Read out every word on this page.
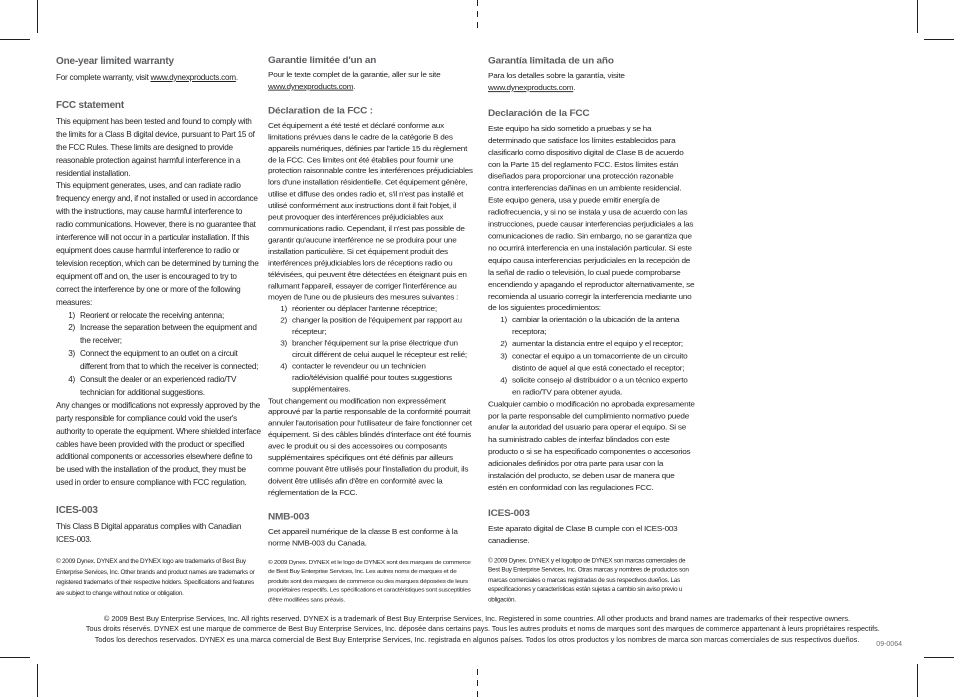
One-year limited warranty

For complete warranty, visit www.dynexproducts.com.

FCC statement

This equipment has been tested and found to comply with the limits for a Class B digital device, pursuant to Part 15 of the FCC Rules. These limits are designed to provide reasonable protection against harmful interference in a residential installation.

This equipment generates, uses, and can radiate radio frequency energy and, if not installed or used in accordance with the instructions, may cause harmful interference to radio communications. However, there is no guarantee that interference will not occur in a particular installation. If this equipment does cause harmful interference to radio or television reception, which can be determined by turning the equipment off and on, the user is encouraged to try to correct the interference by one or more of the following measures:

1) Reorient or relocate the receiving antenna;
2) Increase the separation between the equipment and the receiver;
3) Connect the equipment to an outlet on a circuit different from that to which the receiver is connected;
4) Consult the dealer or an experienced radio/TV technician for additional suggestions.

Any changes or modifications not expressly approved by the party responsible for compliance could void the user's authority to operate the equipment. Where shielded interface cables have been provided with the product or specified additional components or accessories elsewhere define to be used with the installation of the product, they must be used in order to ensure compliance with FCC regulation.

ICES-003

This Class B Digital apparatus complies with Canadian ICES-003.

© 2009 Dynex. DYNEX and the DYNEX logo are trademarks of Best Buy Enterprise Services, Inc. Other brands and product names are trademarks or registered trademarks of their respective holders. Specifications and features are subject to change without notice or obligation.

Garantie limitée d'un an

Pour le texte complet de la garantie, aller sur le site www.dynexproducts.com.

Déclaration de la FCC :

Cet équipement a été testé et déclaré conforme aux limitations prévues dans le cadre de la catégorie B des appareils numériques, définies par l'article 15 du règlement de la FCC. Ces limites ont été établies pour fournir une protection raisonnable contre les interférences préjudiciables lors d'une installation résidentielle. Cet équipement génère, utilise et diffuse des ondes radio et, s'il n'est pas installé et utilisé conformément aux instructions dont il fait l'objet, il peut provoquer des interférences préjudiciables aux communications radio. Cependant, il n'est pas possible de garantir qu'aucune interférence ne se produira pour une installation particulière. Si cet équipement produit des interférences préjudiciables lors de réceptions radio ou télévisées, qui peuvent être détectées en éteignant puis en rallumant l'appareil, essayer de corriger l'interférence au moyen de l'une ou de plusieurs des mesures suivantes :

1) réorienter ou déplacer l'antenne réceptrice;
2) changer la position de l'équipement par rapport au récepteur;
3) brancher l'équipement sur la prise électrique d'un circuit différent de celui auquel le récepteur est relié;
4) contacter le revendeur ou un technicien radio/télévision qualifié pour toutes suggestions supplémentaires.

Tout changement ou modification non expressément approuvé par la partie responsable de la conformité pourrait annuler l'autorisation pour l'utilisateur de faire fonctionner cet équipement. Si des câbles blindés d'interface ont été fournis avec le produit ou si des accessoires ou composants supplémentaires spécifiques ont été définis par ailleurs comme pouvant être utilisés pour l'installation du produit, ils doivent être utilisés afin d'être en conformité avec la réglementation de la FCC.

NMB-003

Cet appareil numérique de la classe B est conforme à la norme NMB-003 du Canada.

© 2009 Dynex. DYNEX et le logo de DYNEX sont des marques de commerce de Best Buy Enterprise Services, Inc. Les autres noms de marques et de produits sont des marques de commerce ou des marques déposées de leurs propriétaires respectifs. Les spécifications et caractéristiques sont susceptibles d'être modifiées sans préavis.

Garantía limitada de un año

Para los detalles sobre la garantía, visite www.dynexproducts.com.

Declaración de la FCC

Este equipo ha sido sometido a pruebas y se ha determinado que satisface los límites establecidos para clasificarlo como dispositivo digital de Clase B de acuerdo con la Parte 15 del reglamento FCC. Estos límites están diseñados para proporcionar una protección razonable contra interferencias dañinas en un ambiente residencial.

Este equipo genera, usa y puede emitir energía de radiofrecuencia, y si no se instala y usa de acuerdo con las instrucciones, puede causar interferencias perjudiciales a las comunicaciones de radio. Sin embargo, no se garantiza que no ocurrirá interferencia en una instalación particular. Si este equipo causa interferencias perjudiciales en la recepción de la señal de radio o televisión, lo cual puede comprobarse encendiendo y apagando el reproductor alternativamente, se recomienda al usuario corregir la interferencia mediante uno de los siguientes procedimientos:

1) cambiar la orientación o la ubicación de la antena receptora;
2) aumentar la distancia entre el equipo y el receptor;
3) conectar el equipo a un tomacorriente de un circuito distinto de aquel al que está conectado el receptor;
4) solicite consejo al distribuidor o a un técnico experto en radio/TV para obtener ayuda.

Cualquier cambio o modificación no aprobada expresamente por la parte responsable del cumplimiento normativo puede anular la autoridad del usuario para operar el equipo. Si se ha suministrado cables de interfaz blindados con este producto o si se ha especificado componentes o accesorios adicionales definidos por otra parte para usar con la instalación del producto, se deben usar de manera que estén en conformidad con las regulaciones FCC.

ICES-003

Este aparato digital de Clase B cumple con el ICES-003 canadiense.

© 2009 Dynex. DYNEX y el logotipo de DYNEX son marcas comerciales de Best Buy Enterprise Services, Inc. Otras marcas y nombres de productos son marcas comerciales o marcas registradas de sus respectivos dueños. Las especificaciones y características están sujetas a cambio sin aviso previo u obligación.

© 2009 Best Buy Enterprise Services, Inc. All rights reserved. DYNEX is a trademark of Best Buy Enterprise Services, Inc. Registered in some countries. All other products and brand names are trademarks of their respective owners.
Tous droits réservés. DYNEX est une marque de commerce de Best Buy Enterprise Services, Inc. déposée dans certains pays. Tous les autres produits et noms de marques sont des marques de commerce appartenant à leurs propriétaires respectifs.
Todos los derechos reservados. DYNEX es una marca comercial de Best Buy Enterprise Services, Inc. registrada en algunos países. Todos los otros productos y los nombres de marca son marcas comerciales de sus respectivos dueños.
09-0064
